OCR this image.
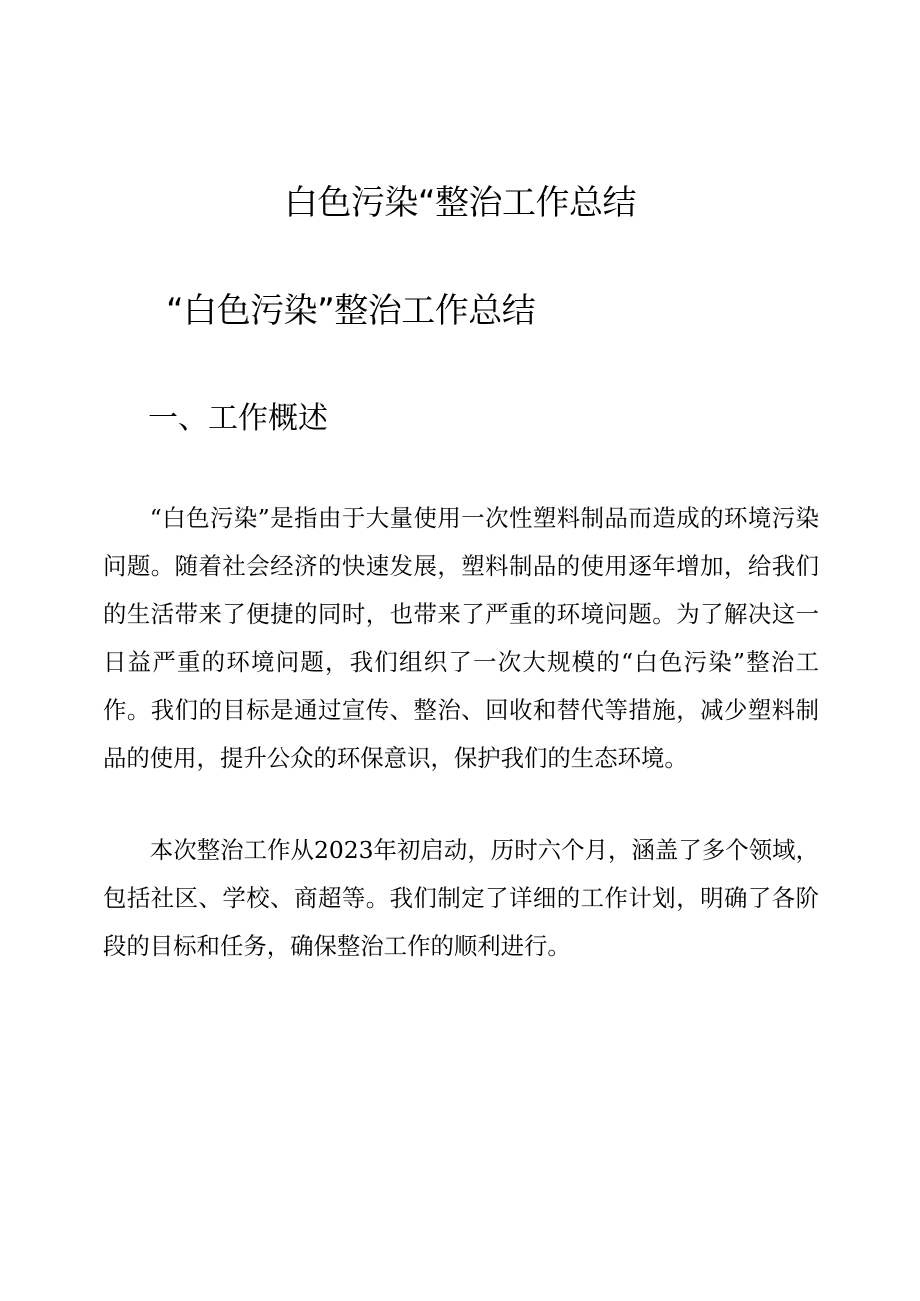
白色污染“整治工作总结
“白色污染”整治工作总结
一、工作概述

“白色污染”是指由于大量使用一次性塑料制品而造成的环境污染问题。随着社会经济的快速发展，塑料制品的使用逐年增加，给我们的生活带来了便捷的同时，也带来了严重的环境问题。为了解决这一日益严重的环境问题，我们组织了一次大规模的“白色污染”整治工作。我们的目标是通过宣传、整治、回收和替代等措施，减少塑料制品的使用，提升公众的环保意识，保护我们的生态环境。

本次整治工作从2023年初启动，历时六个月，涵盖了多个领域，包括社区、学校、商超等。我们制定了详细的工作计划，明确了各阶段的目标和任务，确保整治工作的顺利进行。
